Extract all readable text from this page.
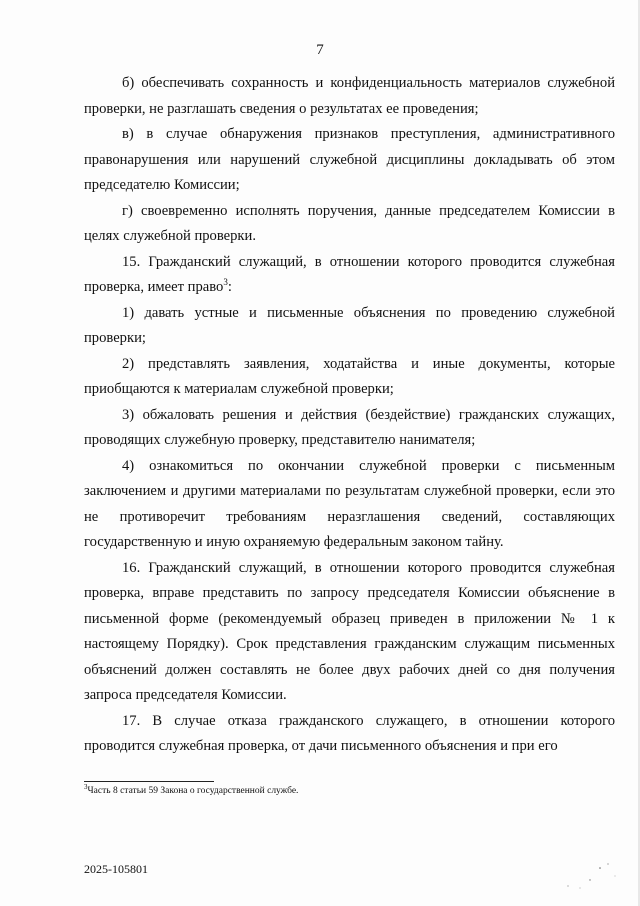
7

б) обеспечивать сохранность и конфиденциальность материалов служебной проверки, не разглашать сведения о результатах ее проведения;

в) в случае обнаружения признаков преступления, административного правонарушения или нарушений служебной дисциплины докладывать об этом председателю Комиссии;

г) своевременно исполнять поручения, данные председателем Комиссии в целях служебной проверки.

15. Гражданский служащий, в отношении которого проводится служебная проверка, имеет право$^3$:

1) давать устные и письменные объяснения по проведению служебной проверки;

2) представлять заявления, ходатайства и иные документы, которые приобщаются к материалам служебной проверки;

3) обжаловать решения и действия (бездействие) гражданских служащих, проводящих служебную проверку, представителю нанимателя;

4) ознакомиться по окончании служебной проверки с письменным заключением и другими материалами по результатам служебной проверки, если это не противоречит требованиям неразглашения сведений, составляющих государственную и иную охраняемую федеральным законом тайну.

16. Гражданский служащий, в отношении которого проводится служебная проверка, вправе представить по запросу председателя Комиссии объяснение в письменной форме (рекомендуемый образец приведен в приложении № 1 к настоящему Порядку). Срок представления гражданским служащим письменных объяснений должен составлять не более двух рабочих дней со дня получения запроса председателя Комиссии.

17. В случае отказа гражданского служащего, в отношении которого проводится служебная проверка, от дачи письменного объяснения и при его

$^3$Часть 8 статьи 59 Закона о государственной службе.
2025-105801
